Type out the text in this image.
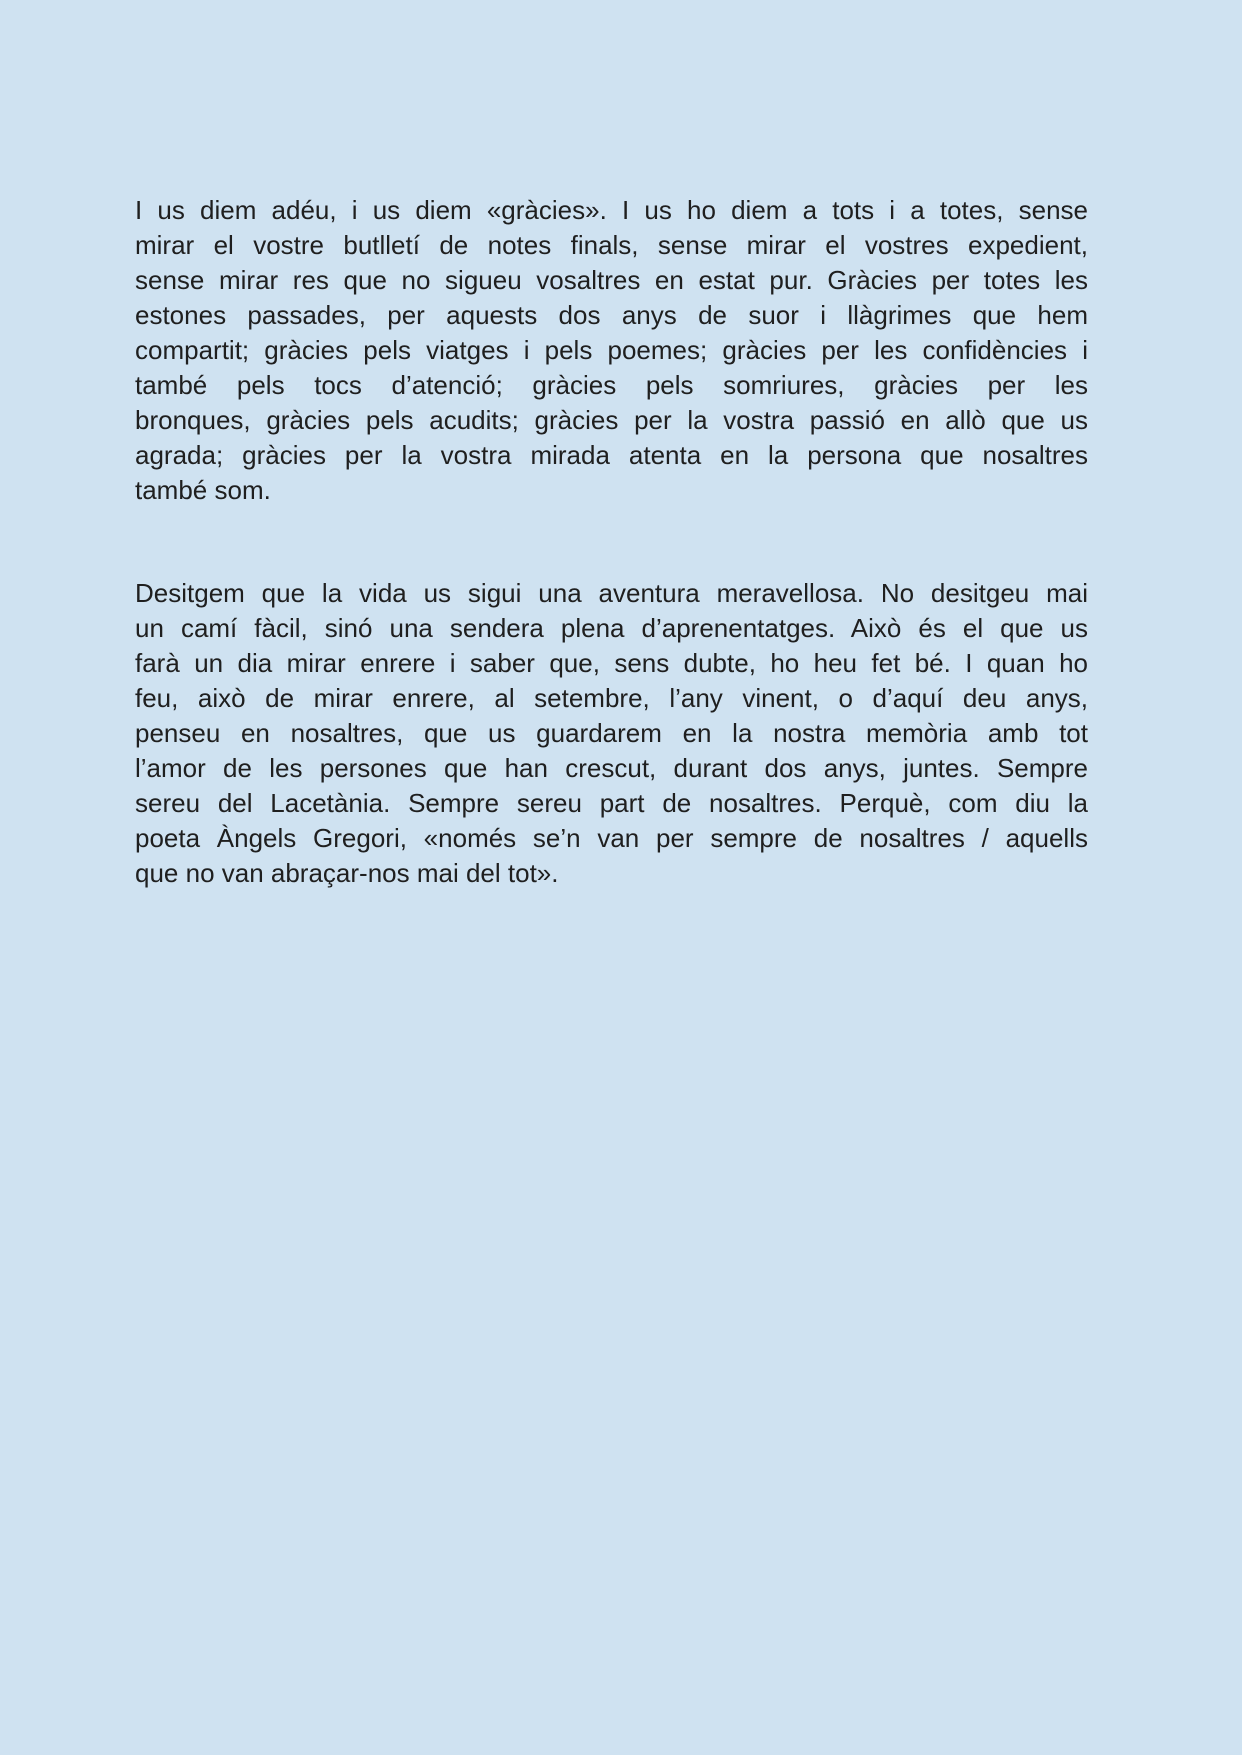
I us diem adéu, i us diem «gràcies». I us ho diem a tots i a totes, sense
mirar el vostre butlletí de notes finals, sense mirar el vostres expedient,
sense mirar res que no sigueu vosaltres en estat pur. Gràcies per totes les
estones passades, per aquests dos anys de suor i llàgrimes que hem
compartit; gràcies pels viatges i pels poemes; gràcies per les confidències i
també pels tocs d’atenció; gràcies pels somriures, gràcies per les
bronques, gràcies pels acudits; gràcies per la vostra passió en allò que us
agrada; gràcies per la vostra mirada atenta en la persona que nosaltres
també som.
Desitgem que la vida us sigui una aventura meravellosa. No desitgeu mai
un camí fàcil, sinó una sendera plena d’aprenentatges. Això és el que us
farà un dia mirar enrere i saber que, sens dubte, ho heu fet bé. I quan ho
feu, això de mirar enrere, al setembre, l’any vinent, o d’aquí deu anys,
penseu en nosaltres, que us guardarem en la nostra memòria amb tot
l’amor de les persones que han crescut, durant dos anys, juntes. Sempre
sereu del Lacetània. Sempre sereu part de nosaltres. Perquè, com diu la
poeta Àngels Gregori, «només se’n van per sempre de nosaltres / aquells
que no van abraçar-nos mai del tot».
